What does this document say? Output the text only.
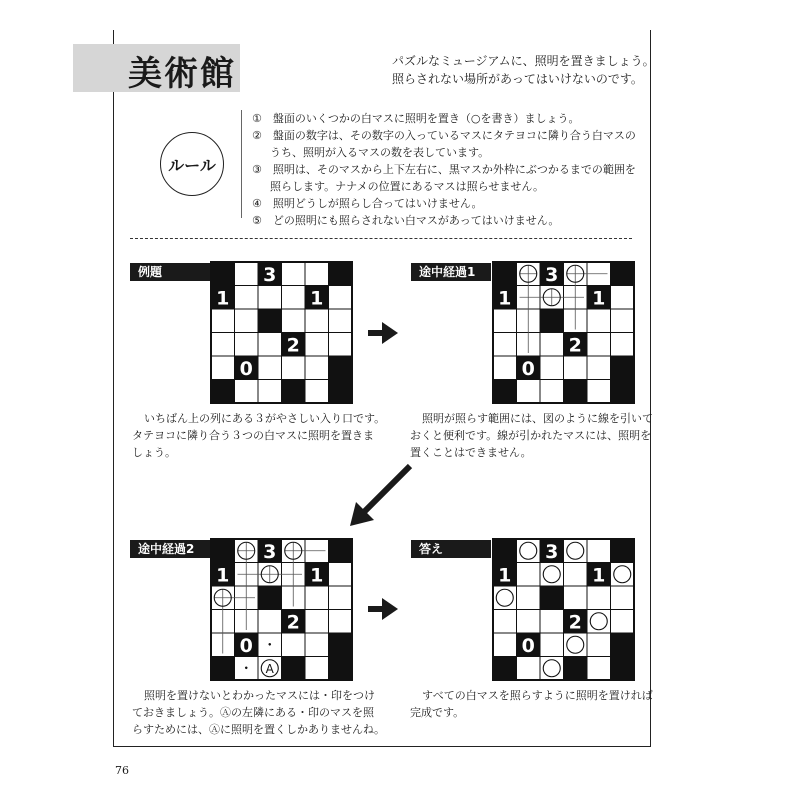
美術館	パズルなミュージアムに、照明を置きましょう。
照らされない場所があってはいけないのです。
ルール

①　盤面のいくつかの白マスに照明を置き（○を書き）ましょう。

②　盤面の数字は、その数字の入っているマスにタテヨコに隣り合う白マスの

うち、照明が入るマスの数を表しています。

③　照明は、そのマスから上下左右に、黒マスか外枠にぶつかるまでの範囲を

照らします。ナナメの位置にあるマスは照らせません。

④　照明どうしが照らし合ってはいけません。

⑤　どの照明にも照らされない白マスがあってはいけません。

例題	3
1	1
2
0
いちばん上の列にある３がやさしい入り口です。
タテヨコに隣り合う３つの白マスに照明を置きま
しょう。
途中経過1	3
1	1
2
0
照明が照らす範囲には、図のように線を引いて
おくと便利です。線が引かれたマスには、照明を
置くことはできません。
途中経過2	3
1	1
2
0 ・
・ A
照明を置けないとわかったマスには・印をつけ
ておきましょう。Ⓐの左隣にある・印のマスを照
らすためには、Ⓐに照明を置くしかありませんね。
答え	3
1	1
2
0
すべての白マスを照らすように照明を置ければ
完成です。
76
